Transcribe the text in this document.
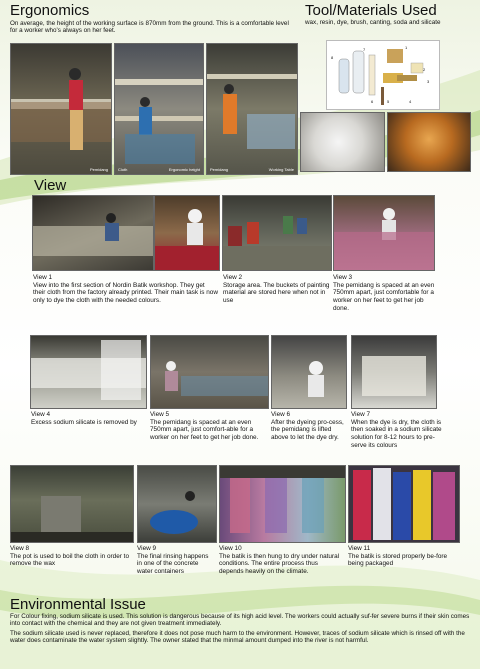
Ergonomics

On average, the height of the working surface is 870mm from the ground. This is a comfortable level for a worker who's always on her feet.

Pemidang	Cloth	Ergonomic height	Pemidang	Working Table
Tool/Materials Used

wax, resin, dye, brush, canting, soda and silicate

8
7	1
2
3
4
5
6
View
View 1
View into the first section of Nordin Batik workshop. They get their cloth from the factory already printed. Their main task is now only to dye the cloth with the needed colours.
View 2
Storage area. The buckets of painting material are stored here when not in use
View 3
The pemidang is spaced at an even 750mm apart, just comfortable for a worker on her feet to get her job done.
View 4
Excess sodium silicate is removed by
View 5
The pemidang is spaced at an even 750mm apart, just comfort-able for a worker on her feet to get her job done.
View 6
After the dyeing pro-cess, the pemidang is lifted above to let the dye dry.
View 7
When the dye is dry, the cloth is then soaked in a sodium silicate solution for 8-12 hours to pre-serve its colours
View 8
The pot is used to boil the cloth in order to remove the wax
View 9
The final rinsing happens in one of the concrete water containers
View 10
The batik is then hung to dry under natural conditions. The entire process thus depends heavily on the climate.
View 11
The batik is stored properly be-fore being packaged
Environmental Issue

For Colour fixing, sodium silicate is used. This solution is dangerous because of its high acid level. The workers could actually suf-fer severe burns if their skin comes into contact with the chemical and they are not given treatment immediately.

The sodium silicate used is never replaced, therefore it does not pose much harm to the environment. However, traces of sodium silicate which is rinsed off with the water does contaminate the water system slightly. The owner stated that the minmal amount dumped into the river is not harmful.
